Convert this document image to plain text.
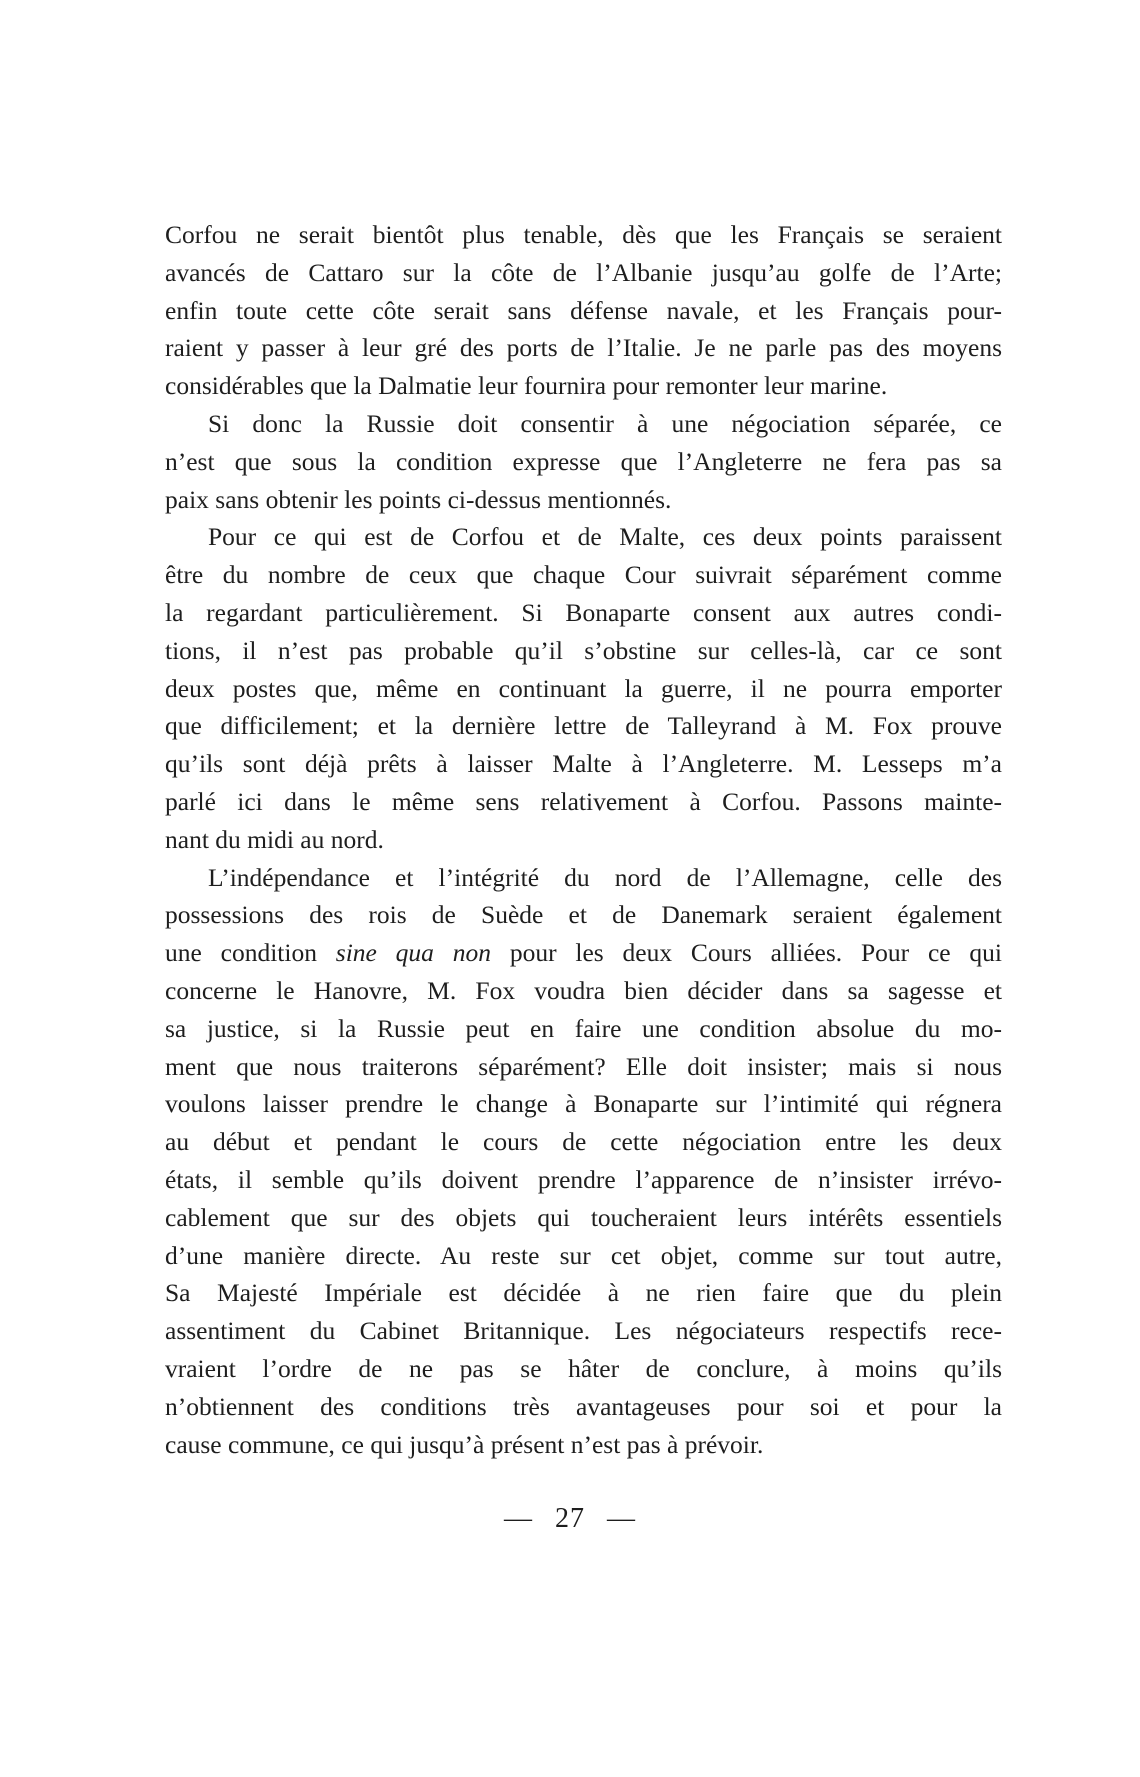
Corfou ne serait bientôt plus tenable, dès que les Français se seraient
avancés de Cattaro sur la côte de l’Albanie jusqu’au golfe de l’Arte;
enfin toute cette côte serait sans défense navale, et les Français pour-
raient y passer à leur gré des ports de l’Italie. Je ne parle pas des moyens
considérables que la Dalmatie leur fournira pour remonter leur marine.

Si donc la Russie doit consentir à une négociation séparée, ce
n’est que sous la condition expresse que l’Angleterre ne fera pas sa
paix sans obtenir les points ci-dessus mentionnés.

Pour ce qui est de Corfou et de Malte, ces deux points paraissent
être du nombre de ceux que chaque Cour suivrait séparément comme
la regardant particulièrement. Si Bonaparte consent aux autres condi-
tions, il n’est pas probable qu’il s’obstine sur celles-là, car ce sont
deux postes que, même en continuant la guerre, il ne pourra emporter
que difficilement; et la dernière lettre de Talleyrand à M. Fox prouve
qu’ils sont déjà prêts à laisser Malte à l’Angleterre. M. Lesseps m’a
parlé ici dans le même sens relativement à Corfou. Passons mainte-
nant du midi au nord.

L’indépendance et l’intégrité du nord de l’Allemagne, celle des
possessions des rois de Suède et de Danemark seraient également
une condition sine qua non pour les deux Cours alliées. Pour ce qui
concerne le Hanovre, M. Fox voudra bien décider dans sa sagesse et
sa justice, si la Russie peut en faire une condition absolue du mo-
ment que nous traiterons séparément? Elle doit insister; mais si nous
voulons laisser prendre le change à Bonaparte sur l’intimité qui régnera
au début et pendant le cours de cette négociation entre les deux
états, il semble qu’ils doivent prendre l’apparence de n’insister irrévo-
cablement que sur des objets qui toucheraient leurs intérêts essentiels
d’une manière directe. Au reste sur cet objet, comme sur tout autre,
Sa Majesté Impériale est décidée à ne rien faire que du plein
assentiment du Cabinet Britannique. Les négociateurs respectifs rece-
vraient l’ordre de ne pas se hâter de conclure, à moins qu’ils
n’obtiennent des conditions très avantageuses pour soi et pour la
cause commune, ce qui jusqu’à présent n’est pas à prévoir.

— 27 —
